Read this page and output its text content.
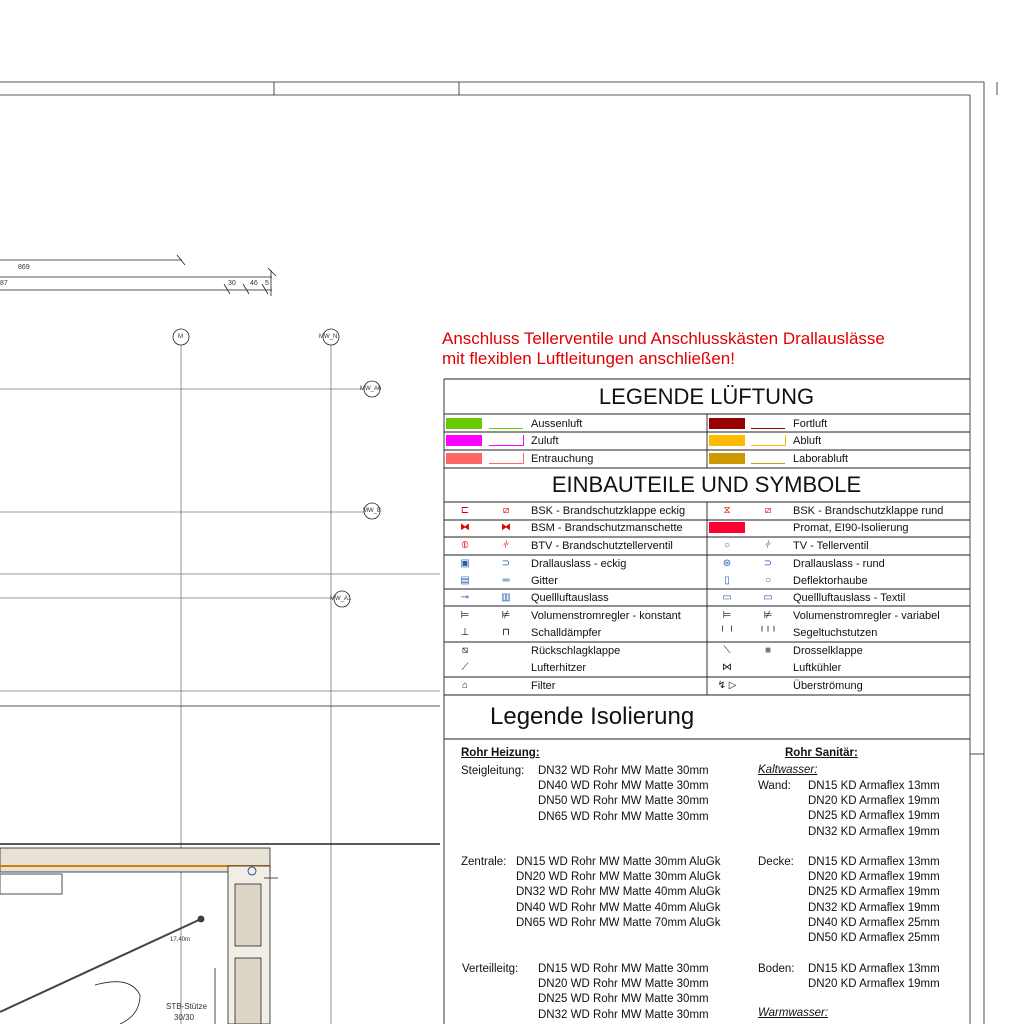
869
87	30 46 5
M	MW_N
MW_A6
MW_B
MW_A1
STB-Stütze
30/30
17,40m
Anschluss Tellerventile und Anschlusskästen Drallauslässe
mit flexiblen Luftleitungen anschließen!
LEGENDE LÜFTUNG
Aussenluft	Fortluft
Zuluft	Abluft
Entrauchung	Laborabluft
EINBAUTEILE UND SYMBOLE
⊏	⧄	BSK - Brandschutzklappe eckig	⧖	⧄	BSK - Brandschutzklappe rund
⧓	⧓	BSM - Brandschutzmanschette	Promat, EI90-Isolierung
⦶	⫩	BTV - Brandschutztellerventil	○	⫩	TV - Tellerventil
▣	⊃	Drallauslass - eckig	⊛	⊃	Drallauslass - rund
▤	═	Gitter	▯	○	Deflektorhaube
⊸	▥	Quellluftauslass	▭	▭	Quellluftauslass - Textil
⊨	⊭	Volumenstromregler - konstant	⊨	⊭	Volumenstromregler - variabel
⊥	⊓	Schalldämpfer	╵ ╵	╵╵╵	Segeltuchstutzen
⧅	Rückschlagklappe	⟍	■	Drosselklappe
⟋	Lufterhitzer	⋈	Luftkühler
⌂	Filter	↯ ▷	Überströmung
Legende Isolierung
Rohr Heizung:
Steigleitung: DN32 WD Rohr MW Matte 30mm
DN40 WD Rohr MW Matte 30mm
DN50 WD Rohr MW Matte 30mm
DN65 WD Rohr MW Matte 30mm
Zentrale: DN15 WD Rohr MW Matte 30mm AluGk
DN20 WD Rohr MW Matte 30mm AluGk
DN32 WD Rohr MW Matte 40mm AluGk
DN40 WD Rohr MW Matte 40mm AluGk
DN65 WD Rohr MW Matte 70mm AluGk
Verteilleitg: DN15 WD Rohr MW Matte 30mm
DN20 WD Rohr MW Matte 30mm
DN25 WD Rohr MW Matte 30mm
DN32 WD Rohr MW Matte 30mm
Rohr Sanitär:
Kaltwasser:
Wand: DN15 KD Armaflex 13mm
DN20 KD Armaflex 19mm
DN25 KD Armaflex 19mm
DN32 KD Armaflex 19mm
Decke: DN15 KD Armaflex 13mm
DN20 KD Armaflex 19mm
DN25 KD Armaflex 19mm
DN32 KD Armaflex 19mm
DN40 KD Armaflex 25mm
DN50 KD Armaflex 25mm
Boden: DN15 KD Armaflex 13mm
DN20 KD Armaflex 19mm
Warmwasser:
